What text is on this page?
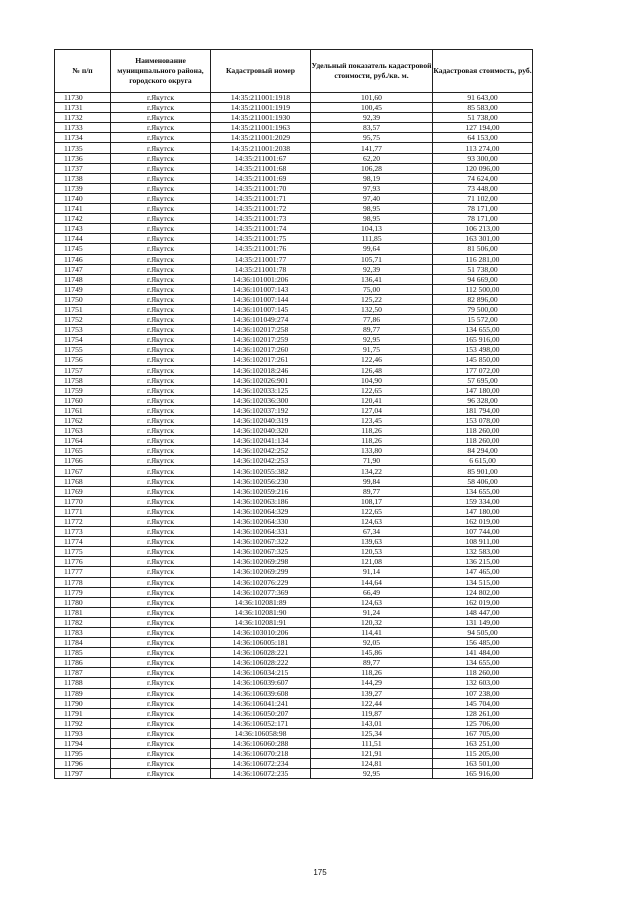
№ п/п	Наименование муниципального района, городского округа	Кадастровый номер	Удельный показатель кадастровой стоимости, руб./кв. м.	Кадастровая стоимость, руб.
11730	г.Якутск	14:35:211001:1918	101,60	91 643,00
11731	г.Якутск	14:35:211001:1919	100,45	85 583,00
11732	г.Якутск	14:35:211001:1930	92,39	51 738,00
11733	г.Якутск	14:35:211001:1963	83,57	127 194,00
11734	г.Якутск	14:35:211001:2029	95,75	64 153,00
11735	г.Якутск	14:35:211001:2038	141,77	113 274,00
11736	г.Якутск	14:35:211001:67	62,20	93 300,00
11737	г.Якутск	14:35:211001:68	106,28	120 096,00
11738	г.Якутск	14:35:211001:69	98,19	74 624,00
11739	г.Якутск	14:35:211001:70	97,93	73 448,00
11740	г.Якутск	14:35:211001:71	97,40	71 102,00
11741	г.Якутск	14:35:211001:72	98,95	78 171,00
11742	г.Якутск	14:35:211001:73	98,95	78 171,00
11743	г.Якутск	14:35:211001:74	104,13	106 213,00
11744	г.Якутск	14:35:211001:75	111,85	163 301,00
11745	г.Якутск	14:35:211001:76	99,64	81 506,00
11746	г.Якутск	14:35:211001:77	105,71	116 281,00
11747	г.Якутск	14:35:211001:78	92,39	51 738,00
11748	г.Якутск	14:36:101001:206	136,41	94 669,00
11749	г.Якутск	14:36:101007:143	75,00	112 500,00
11750	г.Якутск	14:36:101007:144	125,22	82 896,00
11751	г.Якутск	14:36:101007:145	132,50	79 500,00
11752	г.Якутск	14:36:101049:274	77,86	15 572,00
11753	г.Якутск	14:36:102017:258	89,77	134 655,00
11754	г.Якутск	14:36:102017:259	92,95	165 916,00
11755	г.Якутск	14:36:102017:260	91,75	153 498,00
11756	г.Якутск	14:36:102017:261	122,46	145 850,00
11757	г.Якутск	14:36:102018:246	126,48	177 072,00
11758	г.Якутск	14:36:102026:901	104,90	57 695,00
11759	г.Якутск	14:36:102033:125	122,65	147 180,00
11760	г.Якутск	14:36:102036:300	120,41	96 328,00
11761	г.Якутск	14:36:102037:192	127,04	181 794,00
11762	г.Якутск	14:36:102040:319	123,45	153 078,00
11763	г.Якутск	14:36:102040:320	118,26	118 260,00
11764	г.Якутск	14:36:102041:134	118,26	118 260,00
11765	г.Якутск	14:36:102042:252	133,80	84 294,00
11766	г.Якутск	14:36:102042:253	71,90	6 615,00
11767	г.Якутск	14:36:102055:382	134,22	85 901,00
11768	г.Якутск	14:36:102056:230	99,84	58 406,00
11769	г.Якутск	14:36:102059:216	89,77	134 655,00
11770	г.Якутск	14:36:102063:186	108,17	159 334,00
11771	г.Якутск	14:36:102064:329	122,65	147 180,00
11772	г.Якутск	14:36:102064:330	124,63	162 019,00
11773	г.Якутск	14:36:102064:331	67,34	107 744,00
11774	г.Якутск	14:36:102067:322	139,63	108 911,00
11775	г.Якутск	14:36:102067:325	120,53	132 583,00
11776	г.Якутск	14:36:102069:298	121,08	136 215,00
11777	г.Якутск	14:36:102069:299	91,14	147 465,00
11778	г.Якутск	14:36:102076:229	144,64	134 515,00
11779	г.Якутск	14:36:102077:369	66,49	124 802,00
11780	г.Якутск	14:36:102081:89	124,63	162 019,00
11781	г.Якутск	14:36:102081:90	91,24	148 447,00
11782	г.Якутск	14:36:102081:91	120,32	131 149,00
11783	г.Якутск	14:36:103010:206	114,41	94 505,00
11784	г.Якутск	14:36:106005:181	92,05	156 485,00
11785	г.Якутск	14:36:106028:221	145,86	141 484,00
11786	г.Якутск	14:36:106028:222	89,77	134 655,00
11787	г.Якутск	14:36:106034:215	118,26	118 260,00
11788	г.Якутск	14:36:106039:607	144,29	132 603,00
11789	г.Якутск	14:36:106039:608	139,27	107 238,00
11790	г.Якутск	14:36:106041:241	122,44	145 704,00
11791	г.Якутск	14:36:106050:207	119,87	128 261,00
11792	г.Якутск	14:36:106052:171	143,01	125 706,00
11793	г.Якутск	14:36:106058:98	125,34	167 705,00
11794	г.Якутск	14:36:106060:288	111,51	163 251,00
11795	г.Якутск	14:36:106070:218	121,91	115 205,00
11796	г.Якутск	14:36:106072:234	124,81	163 501,00
11797	г.Якутск	14:36:106072:235	92,95	165 916,00
175
